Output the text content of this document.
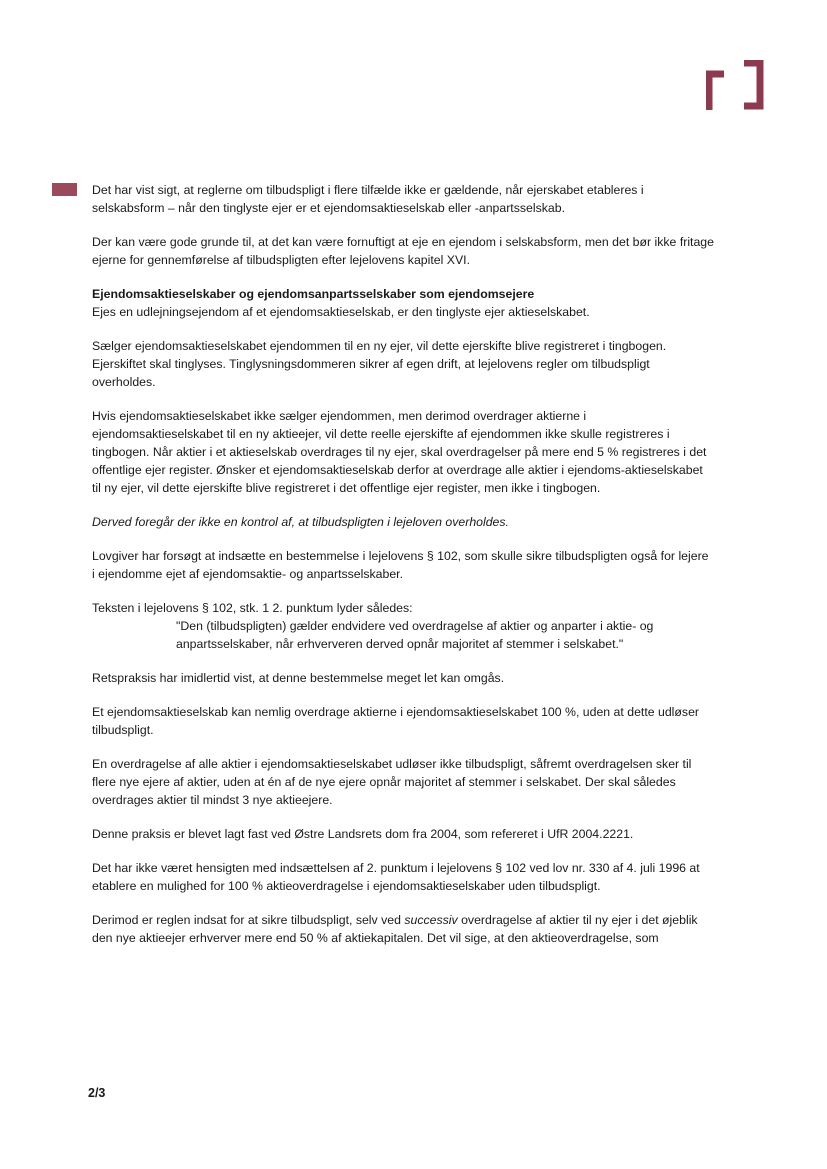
Det har vist sigt, at reglerne om tilbudspligt i flere tilfælde ikke er gældende, når ejerskabet etableres i selskabsform – når den tinglyste ejer er et ejendomsaktieselskab eller -anpartsselskab.

Der kan være gode grunde til, at det kan være fornuftigt at eje en ejendom i selskabsform, men det bør ikke fritage ejerne for gennemførelse af tilbudspligten efter lejelovens kapitel XVI.

Ejendomsaktieselskaber og ejendomsanpartsselskaber som ejendomsejere

Ejes en udlejningsejendom af et ejendomsaktieselskab, er den tinglyste ejer aktieselskabet.

Sælger ejendomsaktieselskabet ejendommen til en ny ejer, vil dette ejerskifte blive registreret i tingbogen. Ejerskiftet skal tinglyses. Tinglysningsdommeren sikrer af egen drift, at lejelovens regler om tilbudspligt overholdes.

Hvis ejendomsaktieselskabet ikke sælger ejendommen, men derimod overdrager aktierne i ejendomsaktieselskabet til en ny aktieejer, vil dette reelle ejerskifte af ejendommen ikke skulle registreres i tingbogen. Når aktier i et aktieselskab overdrages til ny ejer, skal overdragelser på mere end 5 % registreres i det offentlige ejer register. Ønsker et ejendomsaktieselskab derfor at overdrage alle aktier i ejendoms-aktieselskabet til ny ejer, vil dette ejerskifte blive registreret i det offentlige ejer register, men ikke i tingbogen.

Derved foregår der ikke en kontrol af, at tilbudspligten i lejeloven overholdes.

Lovgiver har forsøgt at indsætte en bestemmelse i lejelovens § 102, som skulle sikre tilbudspligten også for lejere i ejendomme ejet af ejendomsaktie- og anpartsselskaber.

Teksten i lejelovens § 102, stk. 1 2. punktum lyder således:

"Den (tilbudspligten) gælder endvidere ved overdragelse af aktier og anparter i aktie- og anpartsselskaber, når erhververen derved opnår majoritet af stemmer i selskabet."

Retspraksis har imidlertid vist, at denne bestemmelse meget let kan omgås.

Et ejendomsaktieselskab kan nemlig overdrage aktierne i ejendomsaktieselskabet 100 %, uden at dette udløser tilbudspligt.

En overdragelse af alle aktier i ejendomsaktieselskabet udløser ikke tilbudspligt, såfremt overdragelsen sker til flere nye ejere af aktier, uden at én af de nye ejere opnår majoritet af stemmer i selskabet. Der skal således overdrages aktier til mindst 3 nye aktieejere.

Denne praksis er blevet lagt fast ved Østre Landsrets dom fra 2004, som refereret i UfR 2004.2221.

Det har ikke været hensigten med indsættelsen af 2. punktum i lejelovens § 102 ved lov nr. 330 af 4. juli 1996 at etablere en mulighed for 100 % aktieoverdragelse i ejendomsaktieselskaber uden tilbudspligt.

Derimod er reglen indsat for at sikre tilbudspligt, selv ved successiv overdragelse af aktier til ny ejer i det øjeblik den nye aktieejer erhverver mere end 50 % af aktiekapitalen. Det vil sige, at den aktieoverdragelse, som

2/3
